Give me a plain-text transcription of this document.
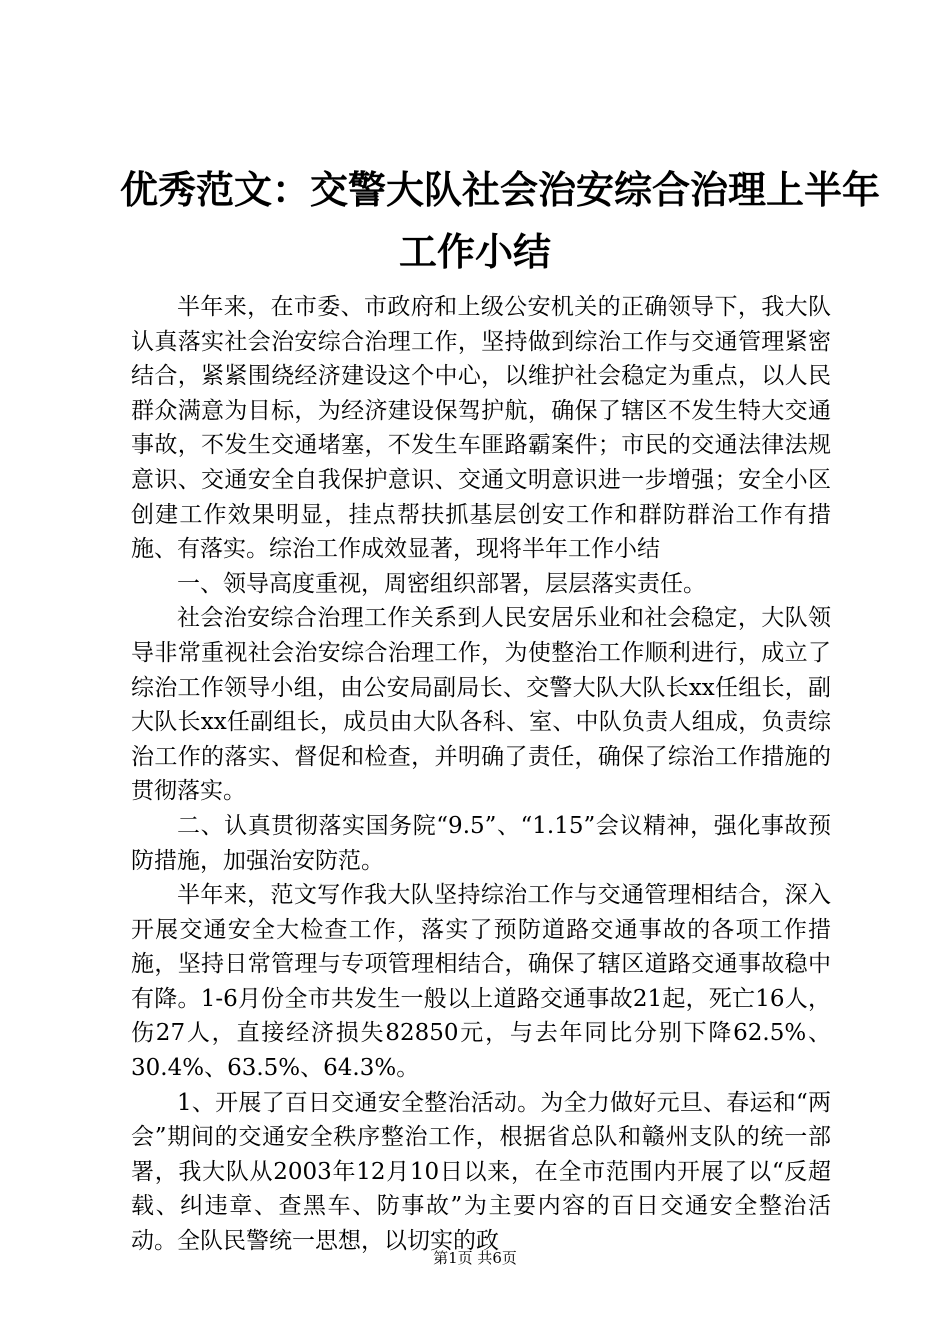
优秀范文：交警大队社会治安综合治理上半年
工作小结

半年来，在市委、市政府和上级公安机关的正确领导下，我大队认真落实社会治安综合治理工作，坚持做到综治工作与交通管理紧密结合，紧紧围绕经济建设这个中心，以维护社会稳定为重点，以人民群众满意为目标，为经济建设保驾护航，确保了辖区不发生特大交通事故，不发生交通堵塞，不发生车匪路霸案件；市民的交通法律法规意识、交通安全自我保护意识、交通文明意识进一步增强；安全小区创建工作效果明显，挂点帮扶抓基层创安工作和群防群治工作有措施、有落实。综治工作成效显著，现将半年工作小结

一、领导高度重视，周密组织部署，层层落实责任。

社会治安综合治理工作关系到人民安居乐业和社会稳定，大队领导非常重视社会治安综合治理工作，为使整治工作顺利进行，成立了综治工作领导小组，由公安局副局长、交警大队大队长xx任组长，副大队长xx任副组长，成员由大队各科、室、中队负责人组成，负责综治工作的落实、督促和检查，并明确了责任，确保了综治工作措施的贯彻落实。

二、认真贯彻落实国务院“9.5”、“1.15”会议精神，强化事故预防措施，加强治安防范。

半年来，范文写作我大队坚持综治工作与交通管理相结合，深入开展交通安全大检查工作，落实了预防道路交通事故的各项工作措施，坚持日常管理与专项管理相结合，确保了辖区道路交通事故稳中有降。1-6月份全市共发生一般以上道路交通事故21起，死亡16人，伤27人，直接经济损失82850元，与去年同比分别下降62.5%、30.4%、63.5%、64.3%。

1、开展了百日交通安全整治活动。为全力做好元旦、春运和“两会”期间的交通安全秩序整治工作，根据省总队和赣州支队的统一部署，我大队从2003年12月10日以来，在全市范围内开展了以“反超载、纠违章、查黑车、防事故”为主要内容的百日交通安全整治活动。全队民警统一思想，以切实的政

第1页 共6页
